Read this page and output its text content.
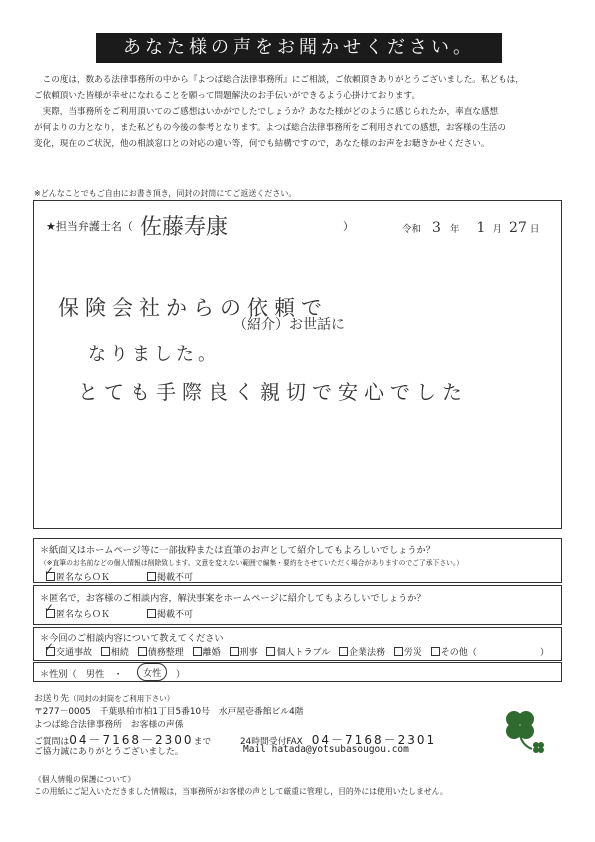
あなた様の声をお聞かせください。

この度は，数ある法律事務所の中から『よつば総合法律事務所』にご相談，ご依頼頂きありがとうございました。私どもは，

ご依頼頂いた皆様が幸せになれることを願って問題解決のお手伝いができるよう心掛けております。

実際，当事務所をご利用頂いてのご感想はいかがでしたでしょうか？あなた様がどのように感じられたか，率直な感想

が何よりの力となり，また私どもの今後の参考となります。よつば総合法律事務所をご利用されての感想，お客様の生活の

変化，現在のご状況，他の相談窓口との対応の違い等，何でも結構ですので，あなた様のお声をお聴きかせください。

※どんなことでもご自由にお書き頂き，同封の封筒にてご返送ください。
★担当弁護士名（ 佐藤寿康	）	令和 3 年 1 月 27 日
保険会社からの依頼で
（紹介）お世話に
なりました。
とても手際良く親切で安心でした
＊紙面又はホームページ等に一部抜粋または直筆のお声として紹介してもよろしいでしょうか？
（※直筆のお名前などの個人情報は削除致します。文意を変えない範囲で編集・要約をさせていただく場合がありますのでご了承下さい。）
匿名ならＯＫ
✓	掲載不可
＊匿名で，お客様のご相談内容，解決事案をホームページに紹介してもよろしいでしょうか？
匿名ならＯＫ
✓	掲載不可
＊今回のご相談内容について教えてください
交通事故 相続 債務整理 離婚 刑事 個人トラブル 企業法務 労災 その他（
✓	）
＊性別（　男性　・	女性	）
お送り先（同封の封筒をご利用下さい）
〒277－0005　千葉県柏市柏1丁目5番10号　水戸屋壱番館ビル4階
よつば総合法律事務所　お客様の声係
ご質問は04－7168－2300まで	24時間受付FAX 04－7168－2301
ご協力誠にありがとうございました。	Mail hatada@yotsubasougou.com
《個人情報の保護について》
この用紙にご記入いただきました情報は，当事務所がお客様の声として厳重に管理し，目的外には使用いたしません。
